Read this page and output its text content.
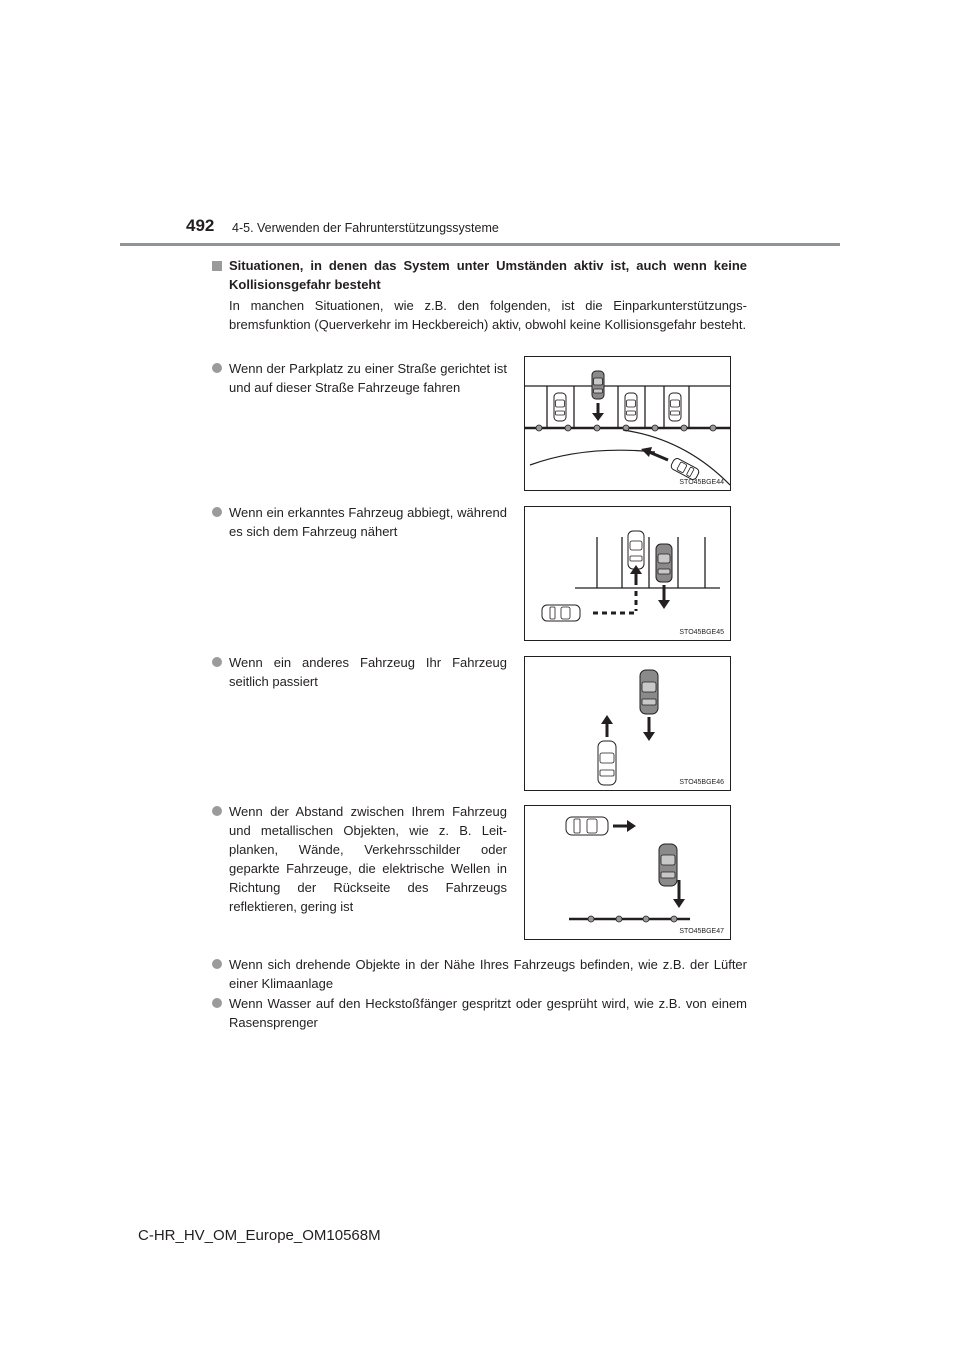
492 4-5. Verwenden der Fahrunterstützungssysteme
Situationen, in denen das System unter Umständen aktiv ist, auch wenn keine Kollisionsgefahr besteht
In manchen Situationen, wie z.B. den folgenden, ist die Einparkunterstützungs-bremsfunktion (Querverkehr im Heckbereich) aktiv, obwohl keine Kollisionsgefahr besteht.
Wenn der Parkplatz zu einer Straße gerichtet ist und auf dieser Straße Fahrzeuge fahren
STO45BGE44
Wenn ein erkanntes Fahrzeug abbiegt, während es sich dem Fahrzeug nähert
STO45BGE45
Wenn ein anderes Fahrzeug Ihr Fahrzeug seitlich passiert
STO45BGE46
Wenn der Abstand zwischen Ihrem Fahrzeug und metallischen Objekten, wie z. B. Leit-planken, Wände, Verkehrsschilder oder geparkte Fahrzeuge, die elektrische Wellen in Richtung der Rückseite des Fahrzeugs reflektieren, gering ist
STO45BGE47
Wenn sich drehende Objekte in der Nähe Ihres Fahrzeugs befinden, wie z.B. der Lüfter einer Klimaanlage
Wenn Wasser auf den Heckstoßfänger gespritzt oder gesprüht wird, wie z.B. von einem Rasensprenger
C-HR_HV_OM_Europe_OM10568M
